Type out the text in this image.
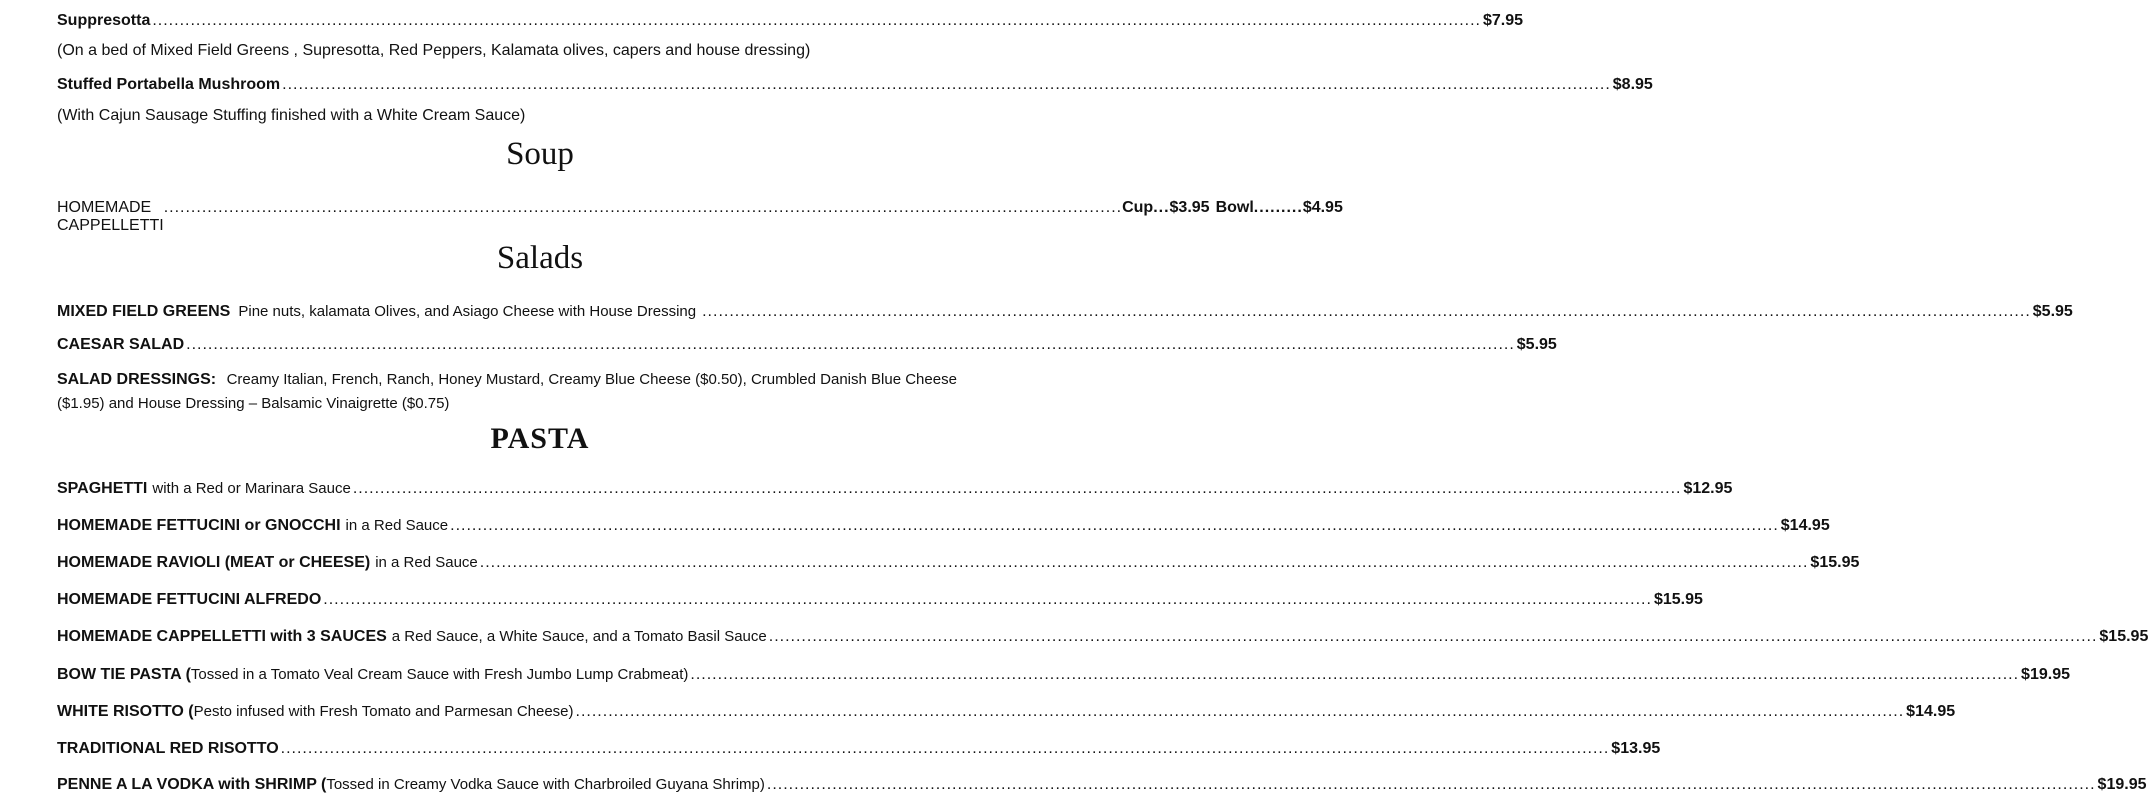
Suppresotta .....	$7.95
(On a bed of Mixed Field Greens , Supresotta, Red Peppers, Kalamata olives, capers and house dressing)
Stuffed Portabella Mushroom .....	$8.95
(With Cajun Sausage Stuffing finished with a White Cream Sauce)
Soup
HOMEMADE CAPPELLETTI
................................................................................................................................................................................ Cup ... $3.95 Bowl ......... $4.95
Salads
MIXED FIELD GREENS Pine nuts, kalamata Olives, and Asiago Cheese with House Dressing .....	$5.95
CAESAR SALAD .....	$5.95
SALAD DRESSINGS: Creamy Italian, French, Ranch, Honey Mustard, Creamy Blue Cheese ($0.50), Crumbled Danish Blue Cheese ($1.95) and House Dressing – Balsamic Vinaigrette ($0.75)
PASTA
SPAGHETTI with a Red or Marinara Sauce .....	$12.95
HOMEMADE FETTUCINI or GNOCCHI in a Red Sauce .....	$14.95
HOMEMADE RAVIOLI (MEAT or CHEESE) in a Red Sauce .....	$15.95
HOMEMADE FETTUCINI ALFREDO .....	$15.95
HOMEMADE CAPPELLETTI with 3 SAUCES a Red Sauce, a White Sauce, and a Tomato Basil Sauce .....	$15.95
BOW TIE PASTA ( Tossed in a Tomato Veal Cream Sauce with Fresh Jumbo Lump Crabmeat) .....	$19.95
WHITE RISOTTO ( Pesto infused with Fresh Tomato and Parmesan Cheese) .....	$14.95
TRADITIONAL RED RISOTTO .....	$13.95
PENNE A LA VODKA with SHRIMP ( Tossed in Creamy Vodka Sauce with Charbroiled Guyana Shrimp) .....	$19.95
